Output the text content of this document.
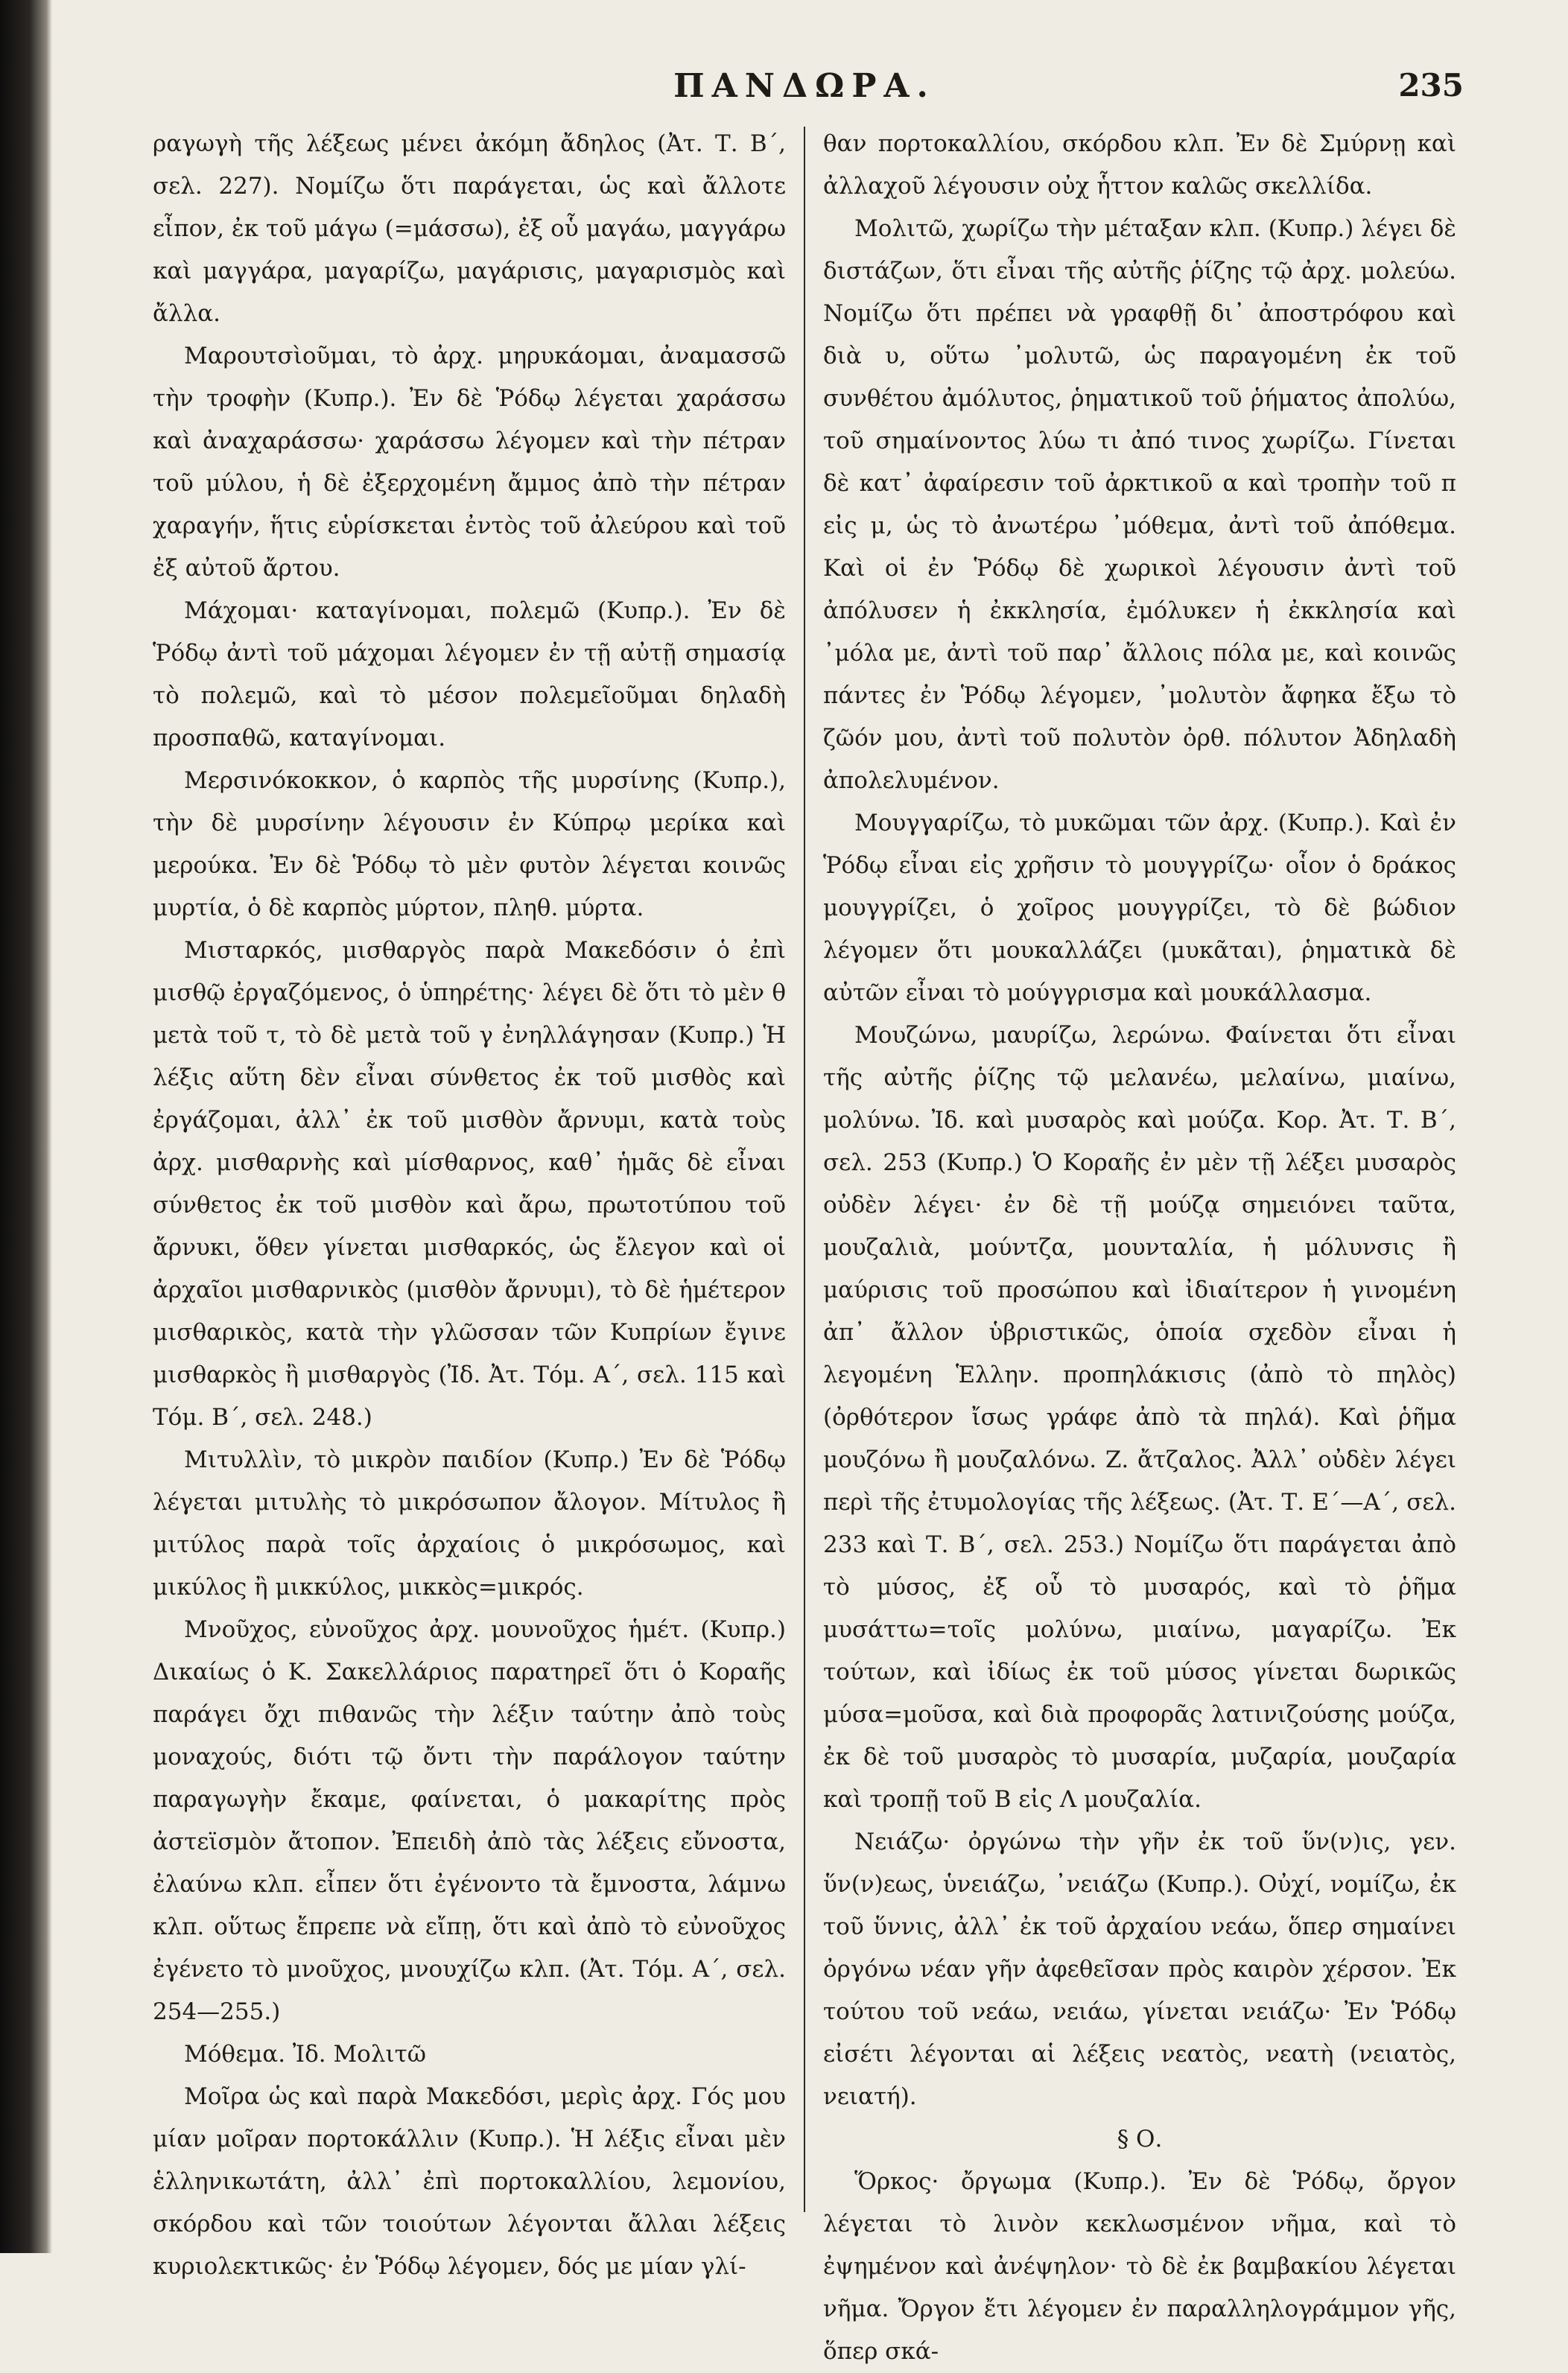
ΠΑΝΔΩΡΑ.	235

ραγωγὴ τῆς λέξεως μένει ἀκόμη ἄδηλος (Ἀτ. Τ. Β΄, σελ. 227). Νομίζω ὅτι παράγεται, ὡς καὶ ἄλλοτε εἶπον, ἐκ τοῦ μάγω (=μάσσω), ἐξ οὗ μαγάω, μαγγάρω καὶ μαγγάρα, μαγαρίζω, μαγάρισις, μαγαρισμὸς καὶ ἄλλα.

Μαρουτσὶοῦμαι, τὸ ἀρχ. μηρυκάομαι, ἀναμασσῶ τὴν τροφὴν (Κυπρ.). Ἐν δὲ Ῥόδῳ λέγεται χαράσσω καὶ ἀναχαράσσω· χαράσσω λέγομεν καὶ τὴν πέτραν τοῦ μύλου, ἡ δὲ ἐξερχομένη ἄμμος ἀπὸ τὴν πέτραν χαραγήν, ἥτις εὑρίσκεται ἐντὸς τοῦ ἀλεύρου καὶ τοῦ ἐξ αὐτοῦ ἄρτου.

Μάχομαι· καταγίνομαι, πολεμῶ (Κυπρ.). Ἐν δὲ Ῥόδῳ ἀντὶ τοῦ μάχομαι λέγομεν ἐν τῇ αὐτῇ σημασίᾳ τὸ πολεμῶ, καὶ τὸ μέσον πολεμεῖοῦμαι δηλαδὴ προσπαθῶ, καταγίνομαι.

Μερσινόκοκκον, ὁ καρπὸς τῆς μυρσίνης (Κυπρ.), τὴν δὲ μυρσίνην λέγουσιν ἐν Κύπρῳ μερίκα καὶ μερούκα. Ἐν δὲ Ῥόδῳ τὸ μὲν φυτὸν λέγεται κοινῶς μυρτία, ὁ δὲ καρπὸς μύρτον, πληθ. μύρτα.

Μισταρκός, μισθαργὸς παρὰ Μακεδόσιν ὁ ἐπὶ μισθῷ ἐργαζόμενος, ὁ ὑπηρέτης· λέγει δὲ ὅτι τὸ μὲν θ μετὰ τοῦ τ, τὸ δὲ μετὰ τοῦ γ ἐνηλλάγησαν (Κυπρ.) Ἡ λέξις αὕτη δὲν εἶναι σύνθετος ἐκ τοῦ μισθὸς καὶ ἐργάζομαι, ἀλλ᾽ ἐκ τοῦ μισθὸν ἄρνυμι, κατὰ τοὺς ἀρχ. μισθαρνὴς καὶ μίσθαρνος, καθ᾽ ἡμᾶς δὲ εἶναι σύνθετος ἐκ τοῦ μισθὸν καὶ ἄρω, πρωτοτύπου τοῦ ἄρνυκι, ὅθεν γίνεται μισθαρκός, ὡς ἔλεγον καὶ οἱ ἀρχαῖοι μισθαρνικὸς (μισθὸν ἄρνυμι), τὸ δὲ ἡμέτερον μισθαρικὸς, κατὰ τὴν γλῶσσαν τῶν Κυπρίων ἔγινε μισθαρκὸς ἢ μισθαργὸς (Ἰδ. Ἀτ. Τόμ. Α΄, σελ. 115 καὶ Τόμ. Β΄, σελ. 248.)

Μιτυλλὶν, τὸ μικρὸν παιδίον (Κυπρ.) Ἐν δὲ Ῥόδῳ λέγεται μιτυλὴς τὸ μικρόσωπον ἄλογον. Μίτυλος ἢ μιτύλος παρὰ τοῖς ἀρχαίοις ὁ μικρόσωμος, καὶ μικύλος ἢ μικκύλος, μικκὸς=μικρός.

Μνοῦχος, εὐνοῦχος ἀρχ. μουνοῦχος ἡμέτ. (Κυπρ.) Δικαίως ὁ Κ. Σακελλάριος παρατηρεῖ ὅτι ὁ Κοραῆς παράγει ὄχι πιθανῶς τὴν λέξιν ταύτην ἀπὸ τοὺς μοναχούς, διότι τῷ ὄντι τὴν παράλογον ταύτην παραγωγὴν ἔκαμε, φαίνεται, ὁ μακαρίτης πρὸς ἀστεϊσμὸν ἄτοπον. Ἐπειδὴ ἀπὸ τὰς λέξεις εὔνοστα, ἐλαύνω κλπ. εἶπεν ὅτι ἐγένοντο τὰ ἔμνοστα, λάμνω κλπ. οὕτως ἔπρεπε νὰ εἴπῃ, ὅτι καὶ ἀπὸ τὸ εὐνοῦχος ἐγένετο τὸ μνοῦχος, μνουχίζω κλπ. (Ἀτ. Τόμ. Α΄, σελ. 254—255.)

Μόθεμα. Ἰδ. Μολιτῶ

Μοῖρα ὡς καὶ παρὰ Μακεδόσι, μερὶς ἀρχ. Γός μου μίαν μοῖραν πορτοκάλλιν (Κυπρ.). Ἡ λέξις εἶναι μὲν ἑλληνικωτάτη, ἀλλ᾽ ἐπὶ πορτοκαλλίου, λεμονίου, σκόρδου καὶ τῶν τοιούτων λέγονται ἄλλαι λέξεις κυριολεκτικῶς· ἐν Ῥόδῳ λέγομεν, δός με μίαν γλί-

θαν πορτοκαλλίου, σκόρδου κλπ. Ἐν δὲ Σμύρνῃ καὶ ἀλλαχοῦ λέγουσιν οὐχ ἧττον καλῶς σκελλίδα.

Μολιτῶ, χωρίζω τὴν μέταξαν κλπ. (Κυπρ.) λέγει δὲ διστάζων, ὅτι εἶναι τῆς αὐτῆς ῥίζης τῷ ἀρχ. μολεύω. Νομίζω ὅτι πρέπει νὰ γραφθῇ δι᾽ ἀποστρόφου καὶ διὰ υ, οὕτω ᾽μολυτῶ, ὡς παραγομένη ἐκ τοῦ συνθέτου ἀμόλυτος, ῥηματικοῦ τοῦ ῥήματος ἀπολύω, τοῦ σημαίνοντος λύω τι ἀπό τινος χωρίζω. Γίνεται δὲ κατ᾽ ἀφαίρεσιν τοῦ ἀρκτικοῦ α καὶ τροπὴν τοῦ π εἰς μ, ὡς τὸ ἀνωτέρω ᾽μόθεμα, ἀντὶ τοῦ ἀπόθεμα. Καὶ οἱ ἐν Ῥόδῳ δὲ χωρικοὶ λέγουσιν ἀντὶ τοῦ ἀπόλυσεν ἡ ἐκκλησία, ἐμόλυκεν ἡ ἐκκλησία καὶ ᾽μόλα με, ἀντὶ τοῦ παρ᾽ ἄλλοις πόλα με, καὶ κοινῶς πάντες ἐν Ῥόδῳ λέγομεν, ᾽μολυτὸν ἄφηκα ἔξω τὸ ζῶόν μου, ἀντὶ τοῦ πολυτὸν ὀρθ. πόλυτον Ἀδηλαδὴ ἀπολελυμένον.

Μουγγαρίζω, τὸ μυκῶμαι τῶν ἀρχ. (Κυπρ.). Καὶ ἐν Ῥόδῳ εἶναι εἰς χρῆσιν τὸ μουγγρίζω· οἷον ὁ δράκος μουγγρίζει, ὁ χοῖρος μουγγρίζει, τὸ δὲ βώδιον λέγομεν ὅτι μουκαλλάζει (μυκᾶται), ῥηματικὰ δὲ αὐτῶν εἶναι τὸ μούγγρισμα καὶ μουκάλλασμα.

Μουζώνω, μαυρίζω, λερώνω. Φαίνεται ὅτι εἶναι τῆς αὐτῆς ῥίζης τῷ μελανέω, μελαίνω, μιαίνω, μολύνω. Ἰδ. καὶ μυσαρὸς καὶ μούζα. Κορ. Ἀτ. Τ. Β΄, σελ. 253 (Κυπρ.) Ὁ Κοραῆς ἐν μὲν τῇ λέξει μυσαρὸς οὐδὲν λέγει· ἐν δὲ τῇ μούζᾳ σημειόνει ταῦτα, μουζαλιὰ, μούντζα, μουνταλία, ἡ μόλυνσις ἢ μαύρισις τοῦ προσώπου καὶ ἰδιαίτερον ἡ γινομένη ἀπ᾽ ἄλλον ὑβριστικῶς, ὁποία σχεδὸν εἶναι ἡ λεγομένη Ἑλλην. προπηλάκισις (ἀπὸ τὸ πηλὸς) (ὀρθότερον ἴσως γράφε ἀπὸ τὰ πηλά). Καὶ ῥῆμα μουζόνω ἢ μουζαλόνω. Ζ. ἄτζαλος. Ἀλλ᾽ οὐδὲν λέγει περὶ τῆς ἐτυμολογίας τῆς λέξεως. (Ἀτ. Τ. Ε΄—Α΄, σελ. 233 καὶ Τ. Β΄, σελ. 253.) Νομίζω ὅτι παράγεται ἀπὸ τὸ μύσος, ἐξ οὗ τὸ μυσαρός, καὶ τὸ ῥῆμα μυσάττω=τοῖς μολύνω, μιαίνω, μαγαρίζω. Ἐκ τούτων, καὶ ἰδίως ἐκ τοῦ μύσος γίνεται δωρικῶς μύσα=μοῦσα, καὶ διὰ προφορᾶς λατινιζούσης μούζα, ἐκ δὲ τοῦ μυσαρὸς τὸ μυσαρία, μυζαρία, μουζαρία καὶ τροπῇ τοῦ Β εἰς Λ μουζαλία.

Νειάζω· ὀργώνω τὴν γῆν ἐκ τοῦ ὕν(ν)ις, γεν. ὕν(ν)εως, ὑνειάζω, ᾽νειάζω (Κυπρ.). Οὐχί, νομίζω, ἐκ τοῦ ὕννις, ἀλλ᾽ ἐκ τοῦ ἀρχαίου νεάω, ὅπερ σημαίνει ὀργόνω νέαν γῆν ἀφεθεῖσαν πρὸς καιρὸν χέρσον. Ἐκ τούτου τοῦ νεάω, νειάω, γίνεται νειάζω· Ἐν Ῥόδῳ εἰσέτι λέγονται αἱ λέξεις νεατὸς, νεατὴ (νειατὸς, νειατή).

§ Ο.

Ὅρκος· ὄργωμα (Κυπρ.). Ἐν δὲ Ῥόδῳ, ὄργον λέγεται τὸ λινὸν κεκλωσμένον νῆμα, καὶ τὸ ἐψημένον καὶ ἀνέψηλον· τὸ δὲ ἐκ βαμβακίου λέγεται νῆμα. Ὄργον ἔτι λέγομεν ἐν παραλληλογράμμον γῆς, ὅπερ σκά-
